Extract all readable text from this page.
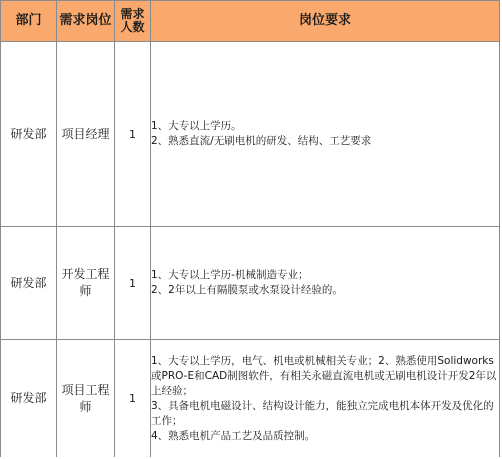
部门	需求岗位	需求人数	岗位要求
研发部	项目经理	1	1、大专以上学历。
2、熟悉直流/无刷电机的研发、结构、工艺要求

研发部	开发工程师	1	1、大专以上学历-机械制造专业；
2、2年以上有隔膜泵或水泵设计经验的。

研发部	项目工程师	1	1、大专以上学历，电气、机电或机械相关专业；2、熟悉使用Solidworks或PRO-E和CAD制图软件，有相关永磁直流电机或无刷电机设计开发2年以上经验；
3、具备电机电磁设计、结构设计能力，能独立完成电机本体开发及优化的工作；
4、熟悉电机产品工艺及品质控制。
